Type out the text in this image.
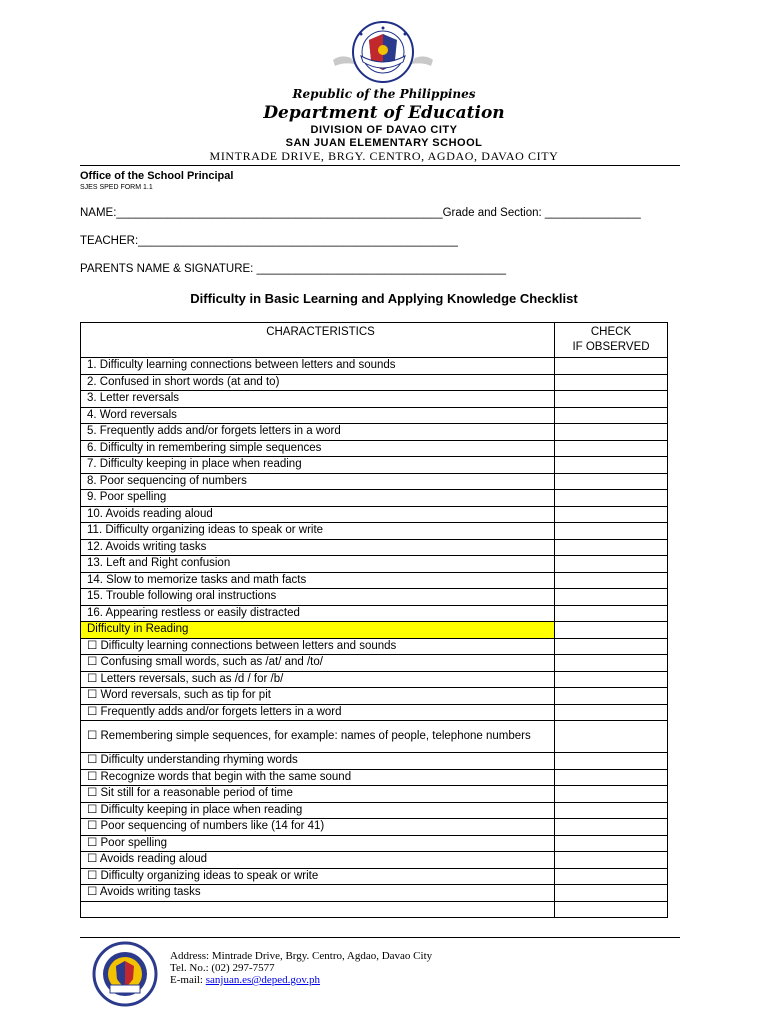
Republic of the Philippines
Department of Education
DIVISION OF DAVAO CITY
SAN JUAN ELEMENTARY SCHOOL
MINTRADE DRIVE, BRGY. CENTRO, AGDAO, DAVAO CITY
Office of the School Principal
SJES SPED FORM 1.1
NAME:___________________________________________________Grade and Section: _______________
TEACHER:__________________________________________________
PARENTS NAME & SIGNATURE: _______________________________________
Difficulty in Basic Learning and Applying Knowledge Checklist
CHARACTERISTICS	CHECK
IF OBSERVED
1. Difficulty learning connections between letters and sounds	
2. Confused in short words (at and to)	
3. Letter reversals	
4. Word reversals	
5. Frequently adds and/or forgets letters in a word	
6. Difficulty in remembering simple sequences	
7. Difficulty keeping in place when reading	
8. Poor sequencing of numbers	
9. Poor spelling	
10. Avoids reading aloud	
11. Difficulty organizing ideas to speak or write	
12. Avoids writing tasks	
13. Left and Right confusion	
14. Slow to memorize tasks and math facts	
15. Trouble following oral instructions	
16. Appearing restless or easily distracted	
Difficulty in Reading	
☐ Difficulty learning connections between letters and sounds	
☐ Confusing small words, such as /at/ and /to/	
☐ Letters reversals, such as /d / for /b/	
☐ Word reversals, such as tip for pit	
☐ Frequently adds and/or forgets letters in a word	
☐ Remembering simple sequences, for example: names of people, telephone numbers	
☐ Difficulty understanding rhyming words	
☐ Recognize words that begin with the same sound	
☐ Sit still for a reasonable period of time	
☐ Difficulty keeping in place when reading	
☐ Poor sequencing of numbers like (14 for 41)	
☐ Poor spelling	
☐ Avoids reading aloud	
☐ Difficulty organizing ideas to speak or write	
☐ Avoids writing tasks	

Address: Mintrade Drive, Brgy. Centro, Agdao, Davao City
Tel. No.: (02) 297-7577
E-mail: sanjuan.es@deped.gov.ph
